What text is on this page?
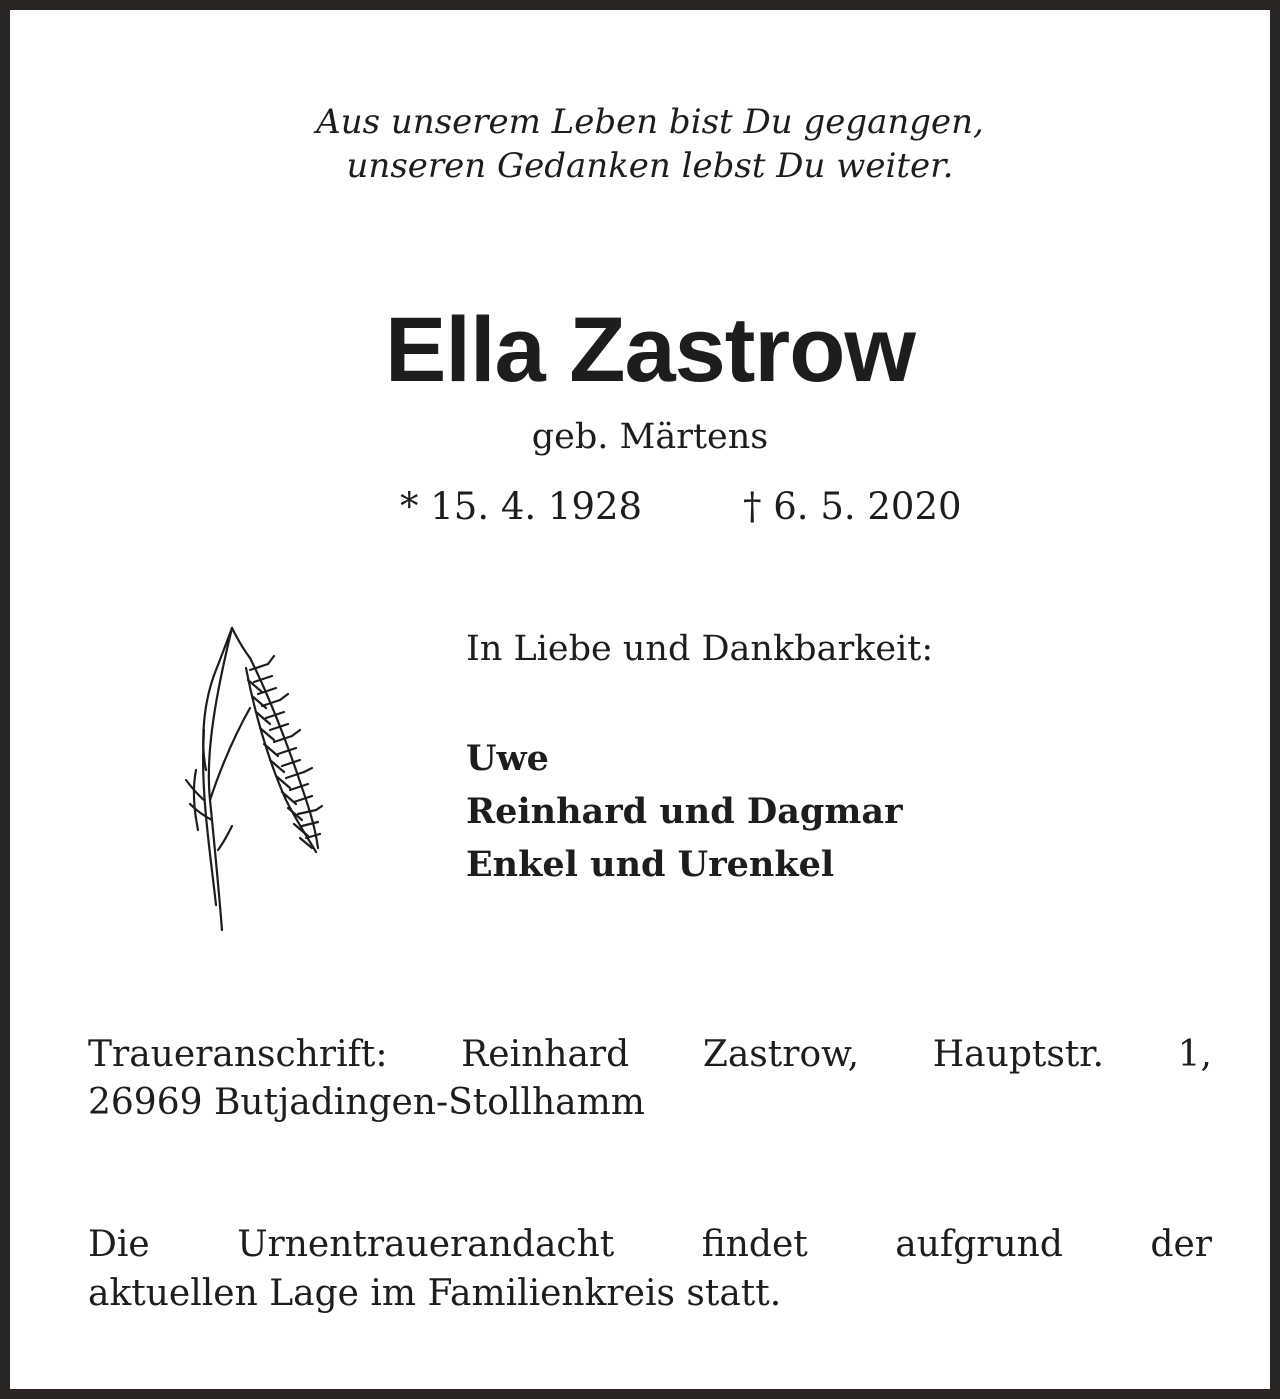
Aus unserem Leben bist Du gegangen,
unseren Gedanken lebst Du weiter.
Ella Zastrow
geb. Märtens
* 15. 4. 1928	† 6. 5. 2020
In Liebe und Dankbarkeit:
Uwe
Reinhard und Dagmar
Enkel und Urenkel
Traueranschrift: Reinhard Zastrow, Hauptstr. 1,
26969 Butjadingen-Stollhamm
Die Urnentrauerandacht findet aufgrund der
aktuellen Lage im Familienkreis statt.
